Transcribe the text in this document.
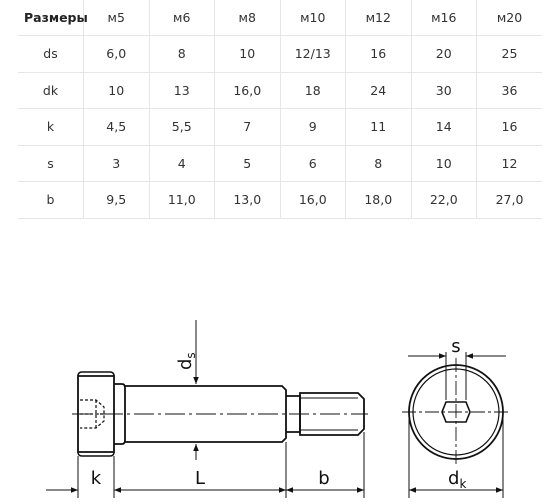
Размеры	м5	м6	м8	м10	м12	м16	м20
ds	6,0	8	10	12/13	16	20	25
dk	10	13	16,0	18	24	30	36
k	4,5	5,5	7	9	11	14	16
s	3	4	5	6	8	10	12
b	9,5	11,0	13,0	16,0	18,0	22,0	27,0
$d_s$
k	L	b
s
$d_k$
